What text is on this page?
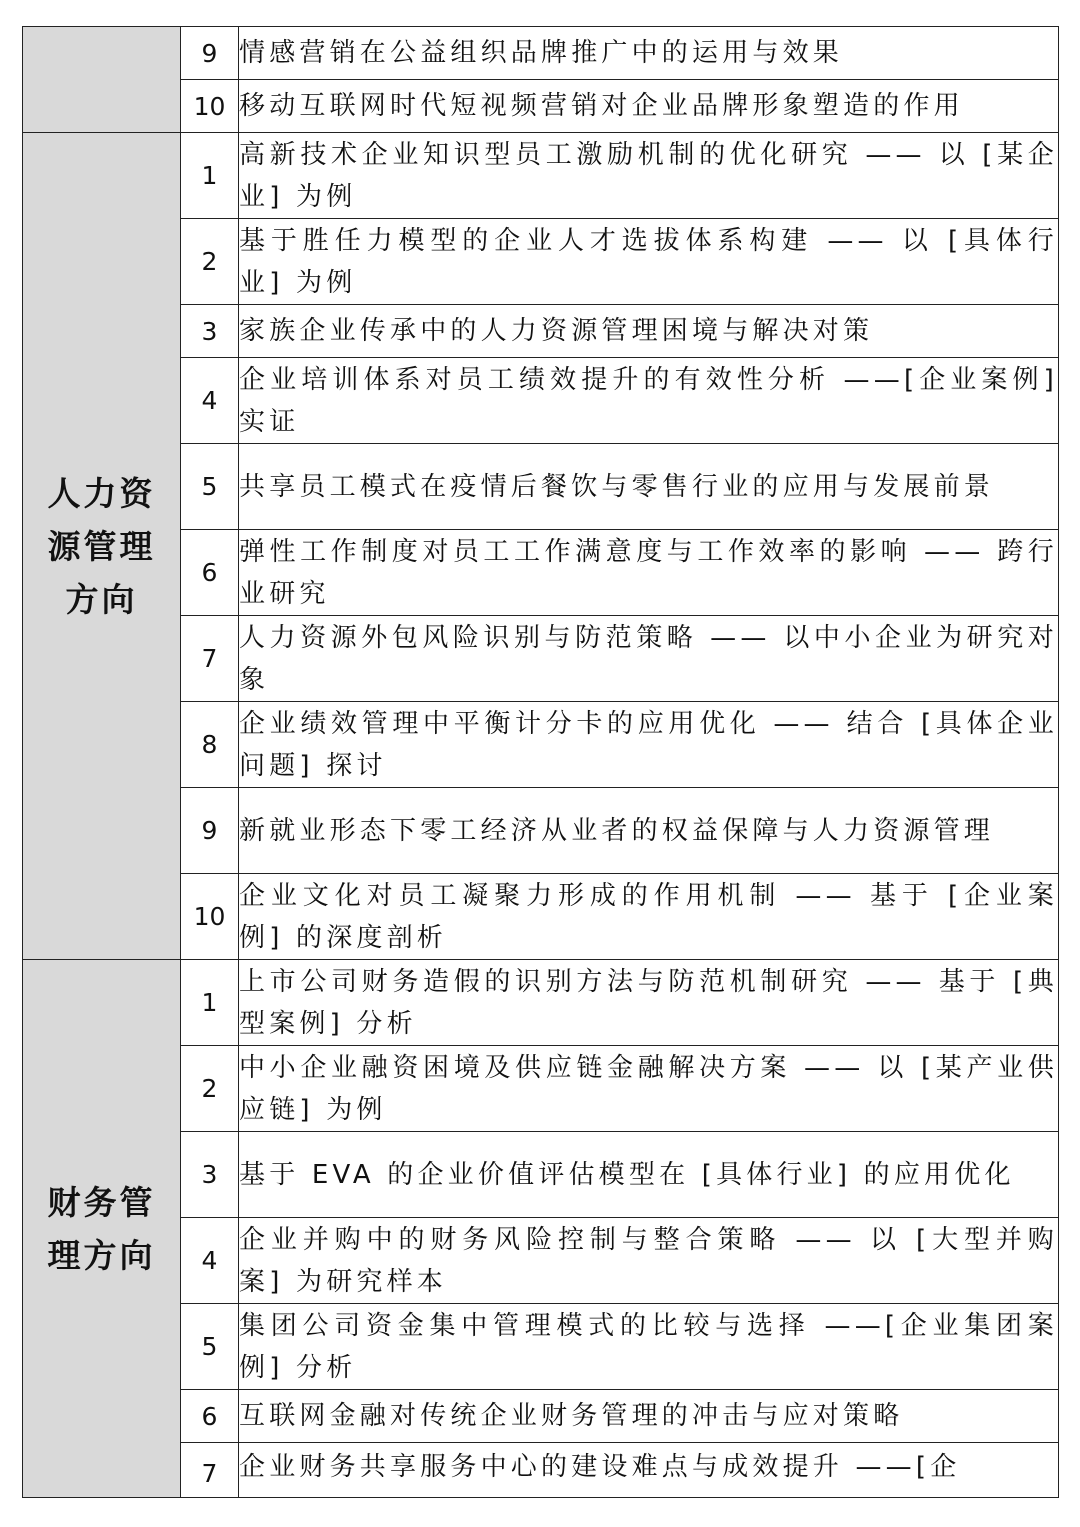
	9	情感营销在公益组织品牌推广中的运用与效果
	10	移动互联网时代短视频营销对企业品牌形象塑造的作用
人力资源管理方向	1	高新技术企业知识型员工激励机制的优化研究 —— 以 [某企业] 为例
	2	基于胜任力模型的企业人才选拔体系构建 —— 以 [具体行业] 为例
	3	家族企业传承中的人力资源管理困境与解决对策
	4	企业培训体系对员工绩效提升的有效性分析 ——[企业案例] 实证
	5	共享员工模式在疫情后餐饮与零售行业的应用与发展前景
	6	弹性工作制度对员工工作满意度与工作效率的影响 —— 跨行业研究
	7	人力资源外包风险识别与防范策略 —— 以中小企业为研究对象
	8	企业绩效管理中平衡计分卡的应用优化 —— 结合 [具体企业问题] 探讨
	9	新就业形态下零工经济从业者的权益保障与人力资源管理
	10	企业文化对员工凝聚力形成的作用机制 —— 基于 [企业案例] 的深度剖析
财务管理方向	1	上市公司财务造假的识别方法与防范机制研究 —— 基于 [典型案例] 分析
	2	中小企业融资困境及供应链金融解决方案 —— 以 [某产业供应链] 为例
	3	基于 EVA 的企业价值评估模型在 [具体行业] 的应用优化
	4	企业并购中的财务风险控制与整合策略 —— 以 [大型并购案] 为研究样本
	5	集团公司资金集中管理模式的比较与选择 ——[企业集团案例] 分析
	6	互联网金融对传统企业财务管理的冲击与应对策略
	7	企业财务共享服务中心的建设难点与成效提升 ——[企
